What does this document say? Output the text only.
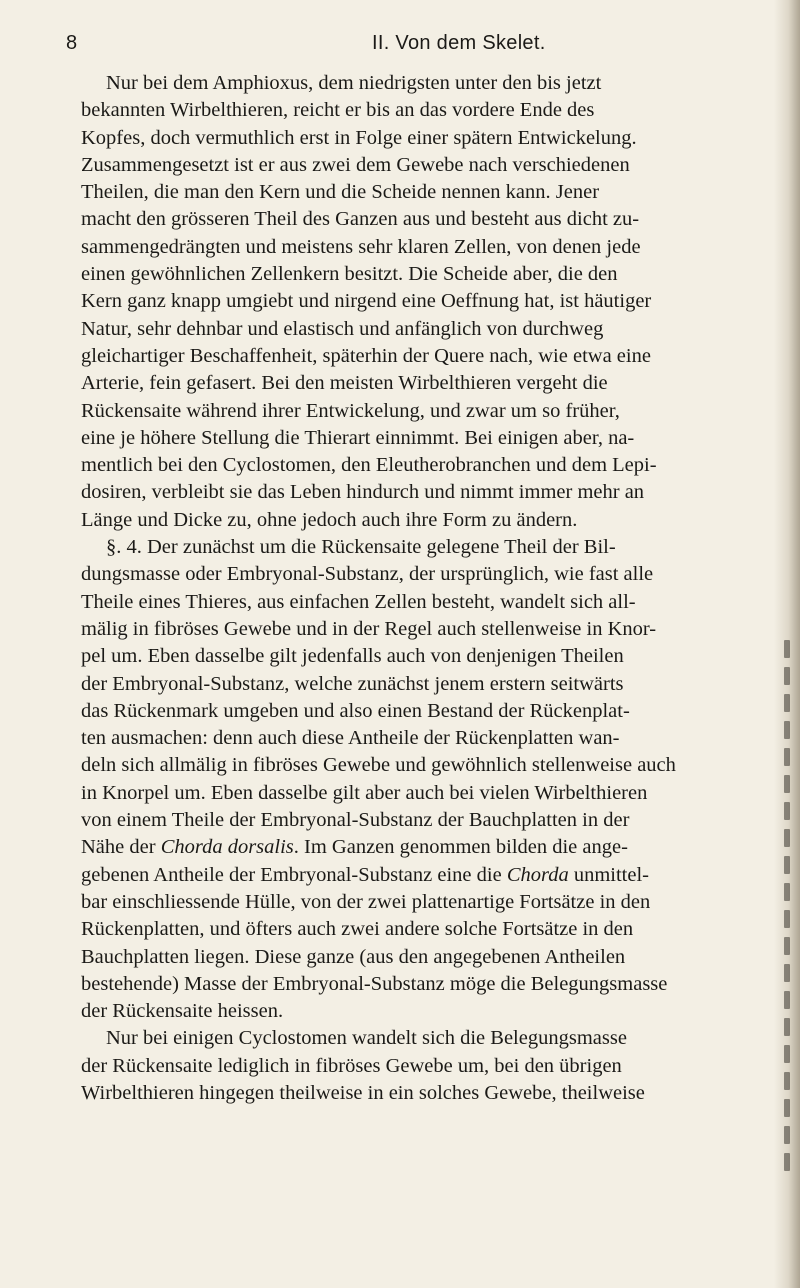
8	II. Von dem Skelet.
Nur bei dem Amphioxus, dem niedrigsten unter den bis jetzt
bekannten Wirbelthieren, reicht er bis an das vordere Ende des
Kopfes, doch vermuthlich erst in Folge einer spätern Entwickelung.
Zusammengesetzt ist er aus zwei dem Gewebe nach verschiedenen
Theilen, die man den Kern und die Scheide nennen kann. Jener
macht den grösseren Theil des Ganzen aus und besteht aus dicht zu-
sammengedrängten und meistens sehr klaren Zellen, von denen jede
einen gewöhnlichen Zellenkern besitzt. Die Scheide aber, die den
Kern ganz knapp umgiebt und nirgend eine Oeffnung hat, ist häutiger
Natur, sehr dehnbar und elastisch und anfänglich von durchweg
gleichartiger Beschaffenheit, späterhin der Quere nach, wie etwa eine
Arterie, fein gefasert. Bei den meisten Wirbelthieren vergeht die
Rückensaite während ihrer Entwickelung, und zwar um so früher,
eine je höhere Stellung die Thierart einnimmt. Bei einigen aber, na-
mentlich bei den Cyclostomen, den Eleutherobranchen und dem Lepi-
dosiren, verbleibt sie das Leben hindurch und nimmt immer mehr an
Länge und Dicke zu, ohne jedoch auch ihre Form zu ändern.
§. 4. Der zunächst um die Rückensaite gelegene Theil der Bil-
dungsmasse oder Embryonal-Substanz, der ursprünglich, wie fast alle
Theile eines Thieres, aus einfachen Zellen besteht, wandelt sich all-
mälig in fibröses Gewebe und in der Regel auch stellenweise in Knor-
pel um. Eben dasselbe gilt jedenfalls auch von denjenigen Theilen
der Embryonal-Substanz, welche zunächst jenem erstern seitwärts
das Rückenmark umgeben und also einen Bestand der Rückenplat-
ten ausmachen: denn auch diese Antheile der Rückenplatten wan-
deln sich allmälig in fibröses Gewebe und gewöhnlich stellenweise auch
in Knorpel um. Eben dasselbe gilt aber auch bei vielen Wirbelthieren
von einem Theile der Embryonal-Substanz der Bauchplatten in der
Nähe der Chorda dorsalis. Im Ganzen genommen bilden die ange-
gebenen Antheile der Embryonal-Substanz eine die Chorda unmittel-
bar einschliessende Hülle, von der zwei plattenartige Fortsätze in den
Rückenplatten, und öfters auch zwei andere solche Fortsätze in den
Bauchplatten liegen. Diese ganze (aus den angegebenen Antheilen
bestehende) Masse der Embryonal-Substanz möge die Belegungsmasse
der Rückensaite heissen.
Nur bei einigen Cyclostomen wandelt sich die Belegungsmasse
der Rückensaite lediglich in fibröses Gewebe um, bei den übrigen
Wirbelthieren hingegen theilweise in ein solches Gewebe, theilweise
